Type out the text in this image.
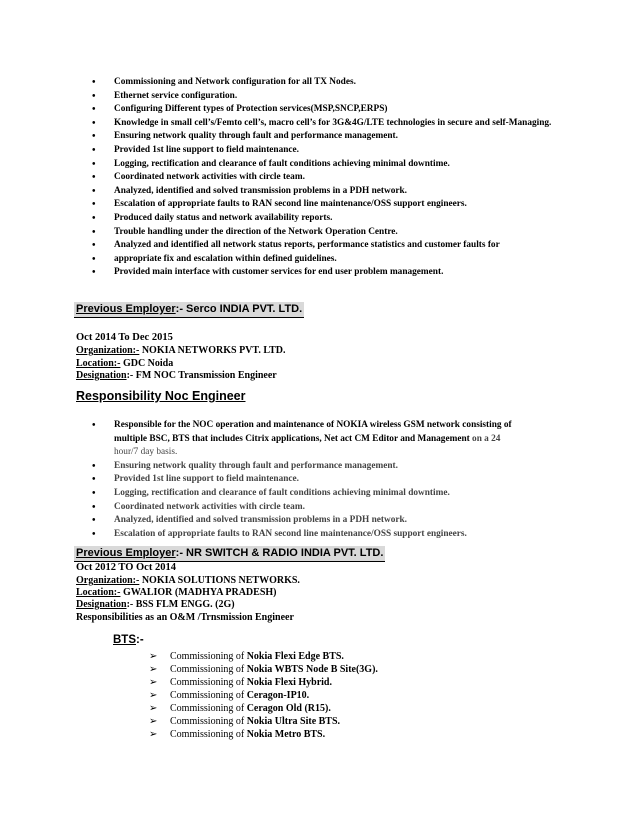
• Commissioning and Network configuration for all TX Nodes.
• Ethernet service configuration.
• Configuring Different types of Protection services(MSP,SNCP,ERPS)
• Knowledge in small cell’s/Femto cell’s, macro cell’s for 3G&4G/LTE technologies in secure and self-Managing.
• Ensuring network quality through fault and performance management.
• Provided 1st line support to field maintenance.
• Logging, rectification and clearance of fault conditions achieving minimal downtime.
• Coordinated network activities with circle team.
• Analyzed, identified and solved transmission problems in a PDH network.
• Escalation of appropriate faults to RAN second line maintenance/OSS support engineers.
• Produced daily status and network availability reports.
• Trouble handling under the direction of the Network Operation Centre.
• Analyzed and identified all network status reports, performance statistics and customer faults for
• appropriate fix and escalation within defined guidelines.
• Provided main interface with customer services for end user problem management.
Previous Employer:- Serco INDIA PVT. LTD.
Oct 2014 To Dec 2015
Organization:- NOKIA NETWORKS PVT. LTD.
Location:- GDC Noida
Designation:- FM NOC Transmission Engineer
Responsibility Noc Engineer
• Responsible for the NOC operation and maintenance of NOKIA wireless GSM network consisting of
multiple BSC, BTS that includes Citrix applications, Net act CM Editor and Management on a 24
hour/7 day basis.
• Ensuring network quality through fault and performance management.
• Provided 1st line support to field maintenance.
• Logging, rectification and clearance of fault conditions achieving minimal downtime.
• Coordinated network activities with circle team.
• Analyzed, identified and solved transmission problems in a PDH network.
• Escalation of appropriate faults to RAN second line maintenance/OSS support engineers.
Previous Employer:- NR SWITCH & RADIO INDIA PVT. LTD.
Oct 2012 TO Oct 2014
Organization:- NOKIA SOLUTIONS NETWORKS.
Location:- GWALIOR (MADHYA PRADESH)
Designation:- BSS FLM ENGG. (2G)
Responsibilities as an O&M /Trnsmission Engineer
BTS:-
➢ Commissioning of Nokia Flexi Edge BTS.
➢ Commissioning of Nokia WBTS Node B Site(3G).
➢ Commissioning of Nokia Flexi Hybrid.
➢ Commissioning of Ceragon-IP10.
➢ Commissioning of Ceragon Old (R15).
➢ Commissioning of Nokia Ultra Site BTS.
➢ Commissioning of Nokia Metro BTS.
